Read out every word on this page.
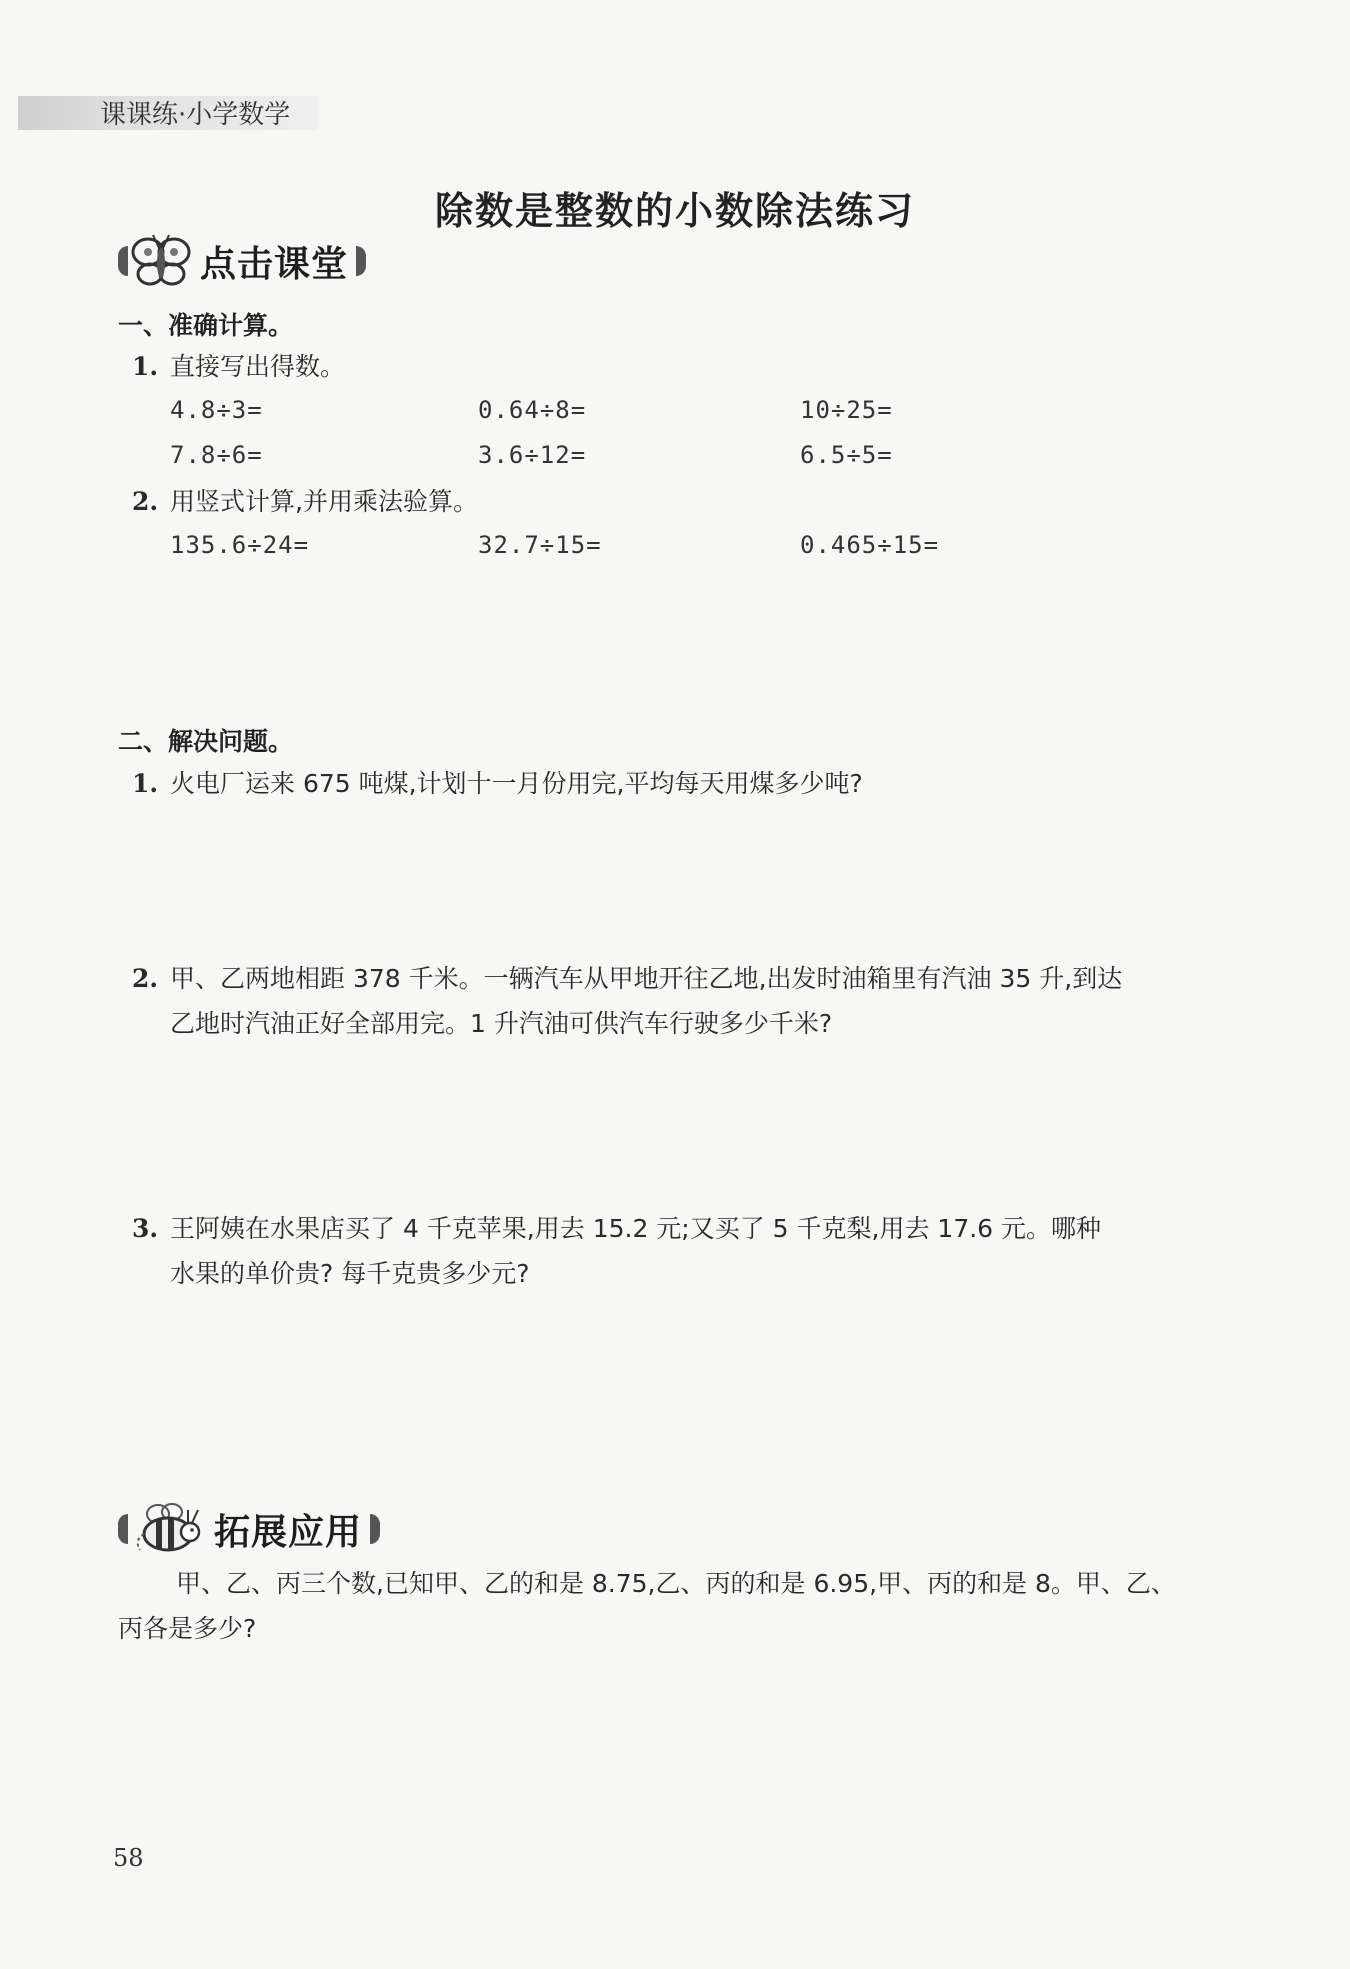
课课练·小学数学
除数是整数的小数除法练习
点击课堂
一、准确计算。
1. 直接写出得数。
4.8÷3=	0.64÷8=	10÷25=
7.8÷6=	3.6÷12=	6.5÷5=
2. 用竖式计算,并用乘法验算。
135.6÷24=	32.7÷15=	0.465÷15=
二、解决问题。
1. 火电厂运来 675 吨煤,计划十一月份用完,平均每天用煤多少吨?
2. 甲、乙两地相距 378 千米。一辆汽车从甲地开往乙地,出发时油箱里有汽油 35 升,到达
乙地时汽油正好全部用完。1 升汽油可供汽车行驶多少千米?
3. 王阿姨在水果店买了 4 千克苹果,用去 15.2 元;又买了 5 千克梨,用去 17.6 元。哪种
水果的单价贵? 每千克贵多少元?
拓展应用
甲、乙、丙三个数,已知甲、乙的和是 8.75,乙、丙的和是 6.95,甲、丙的和是 8。甲、乙、
丙各是多少?
58
